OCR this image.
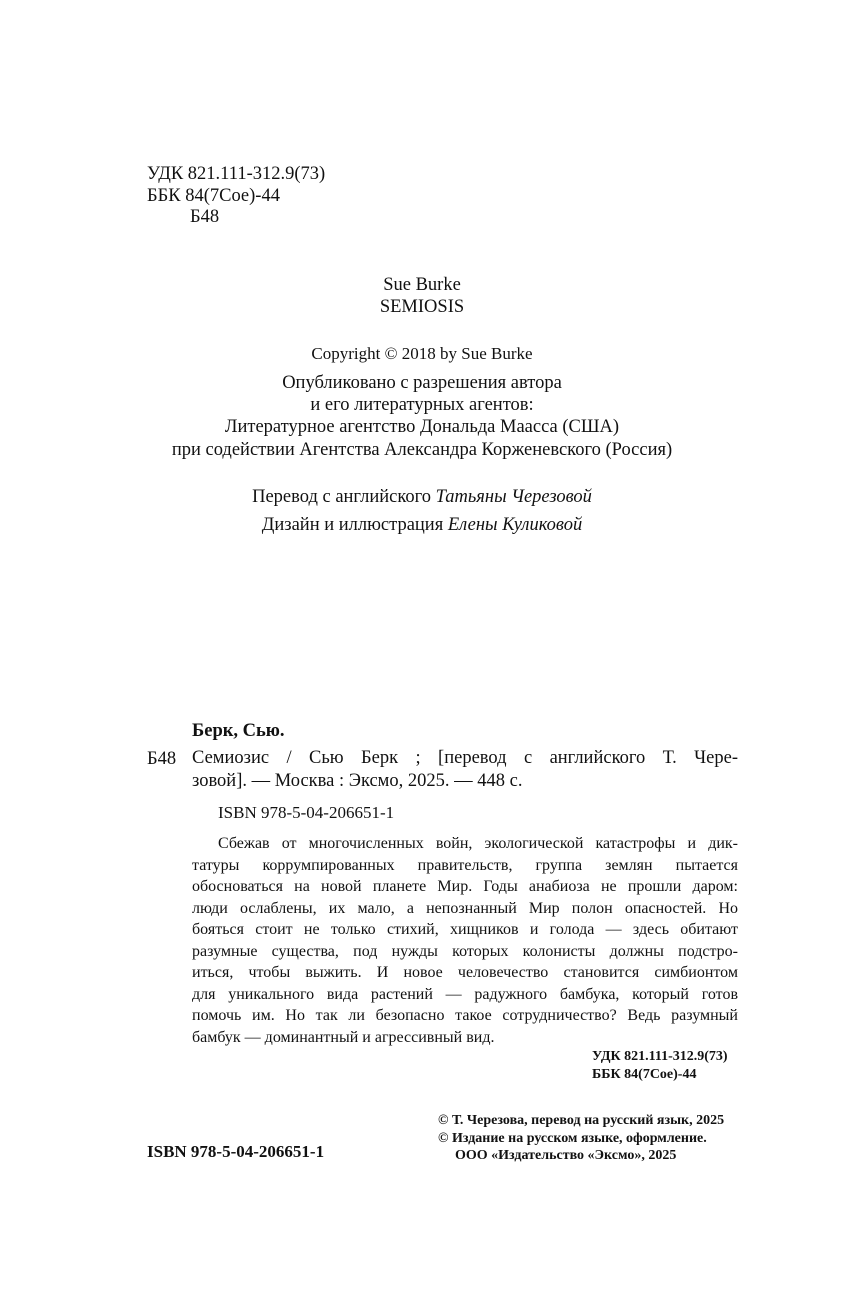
УДК 821.111-312.9(73)
ББК 84(7Сое)-44
Б48
Sue Burke
SEMIOSIS
Copyright © 2018 by Sue Burke
Опубликовано с разрешения автора
и его литературных агентов:
Литературное агентство Дональда Маасса (США)
при содействии Агентства Александра Корженевского (Россия)
Перевод с английского Татьяны Черезовой
Дизайн и иллюстрация Елены Куликовой
Берк, Сью.
Б48 Семиозис / Сью Берк ; [перевод с английского Т. Чере-

зовой]. — Москва : Эксмо, 2025. — 448 с.

ISBN 978-5-04-206651-1

Сбежав от многочисленных войн, экологической катастрофы и дик-

татуры коррумпированных правительств, группа землян пытается

обосноваться на новой планете Мир. Годы анабиоза не прошли даром:

люди ослаблены, их мало, а непознанный Мир полон опасностей. Но

бояться стоит не только стихий, хищников и голода — здесь обитают

разумные существа, под нужды которых колонисты должны подстро-

иться, чтобы выжить. И новое человечество становится симбионтом

для уникального вида растений — радужного бамбука, который готов

помочь им. Но так ли безопасно такое сотрудничество? Ведь разумный

бамбук — доминантный и агрессивный вид.

УДК 821.111-312.9(73)
ББК 84(7Сое)-44
© Т. Черезова, перевод на русский язык, 2025
© Издание на русском языке, оформление.
ООО «Издательство «Эксмо», 2025
ISBN 978-5-04-206651-1
